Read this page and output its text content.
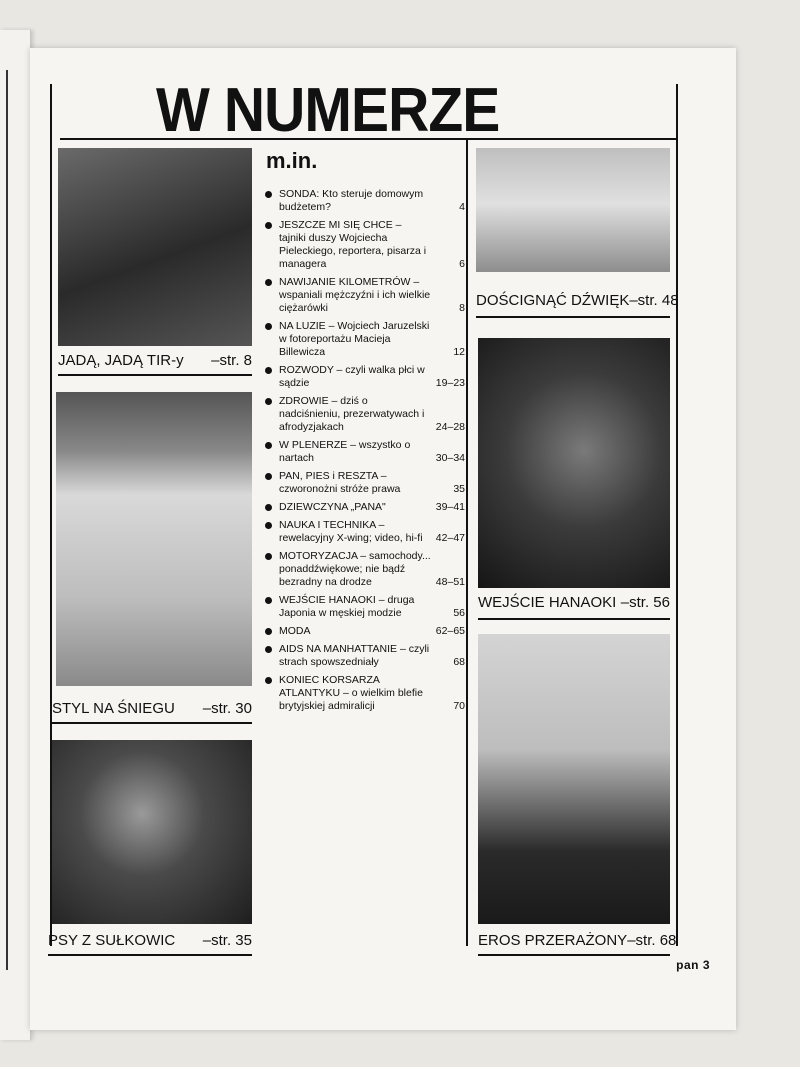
W NUMERZE
m.in.
JADĄ, JADĄ TIR-y –str. 8
STYL NA ŚNIEGU –str. 30
PSY Z SUŁKOWIC –str. 35
SONDA: Kto steruje domowym budżetem?	4
JESZCZE MI SIĘ CHCE – tajniki duszy Wojciecha Pieleckiego, reportera, pisarza i managera	6
NAWIJANIE KILOMETRÓW – wspaniali mężczyźni i ich wielkie ciężarówki	8
NA LUZIE – Wojciech Jaruzelski w fotoreportażu Macieja Billewicza	12
ROZWODY – czyli walka płci w sądzie	19–23
ZDROWIE – dziś o nadciśnieniu, prezerwatywach i afrodyzjakach	24–28
W PLENERZE – wszystko o nartach	30–34
PAN, PIES i RESZTA – czworonożni stróże prawa	35
DZIEWCZYNA „PANA"	39–41
NAUKA I TECHNIKA – rewelacyjny X-wing; video, hi-fi	42–47
MOTORYZACJA – samochody... ponaddźwiękowe; nie bądź bezradny na drodze	48–51
WEJŚCIE HANAOKI – druga Japonia w męskiej modzie	56
MODA	62–65
AIDS NA MANHATTANIE – czyli strach spowszedniały	68
KONIEC KORSARZA ATLANTYKU – o wielkim blefie brytyjskiej admiralicji	70
DOŚCIGNĄĆ DŹWIĘK –str. 48
WEJŚCIE HANAOKI –str. 56
EROS PRZERAŻONY –str. 68
pan 3
